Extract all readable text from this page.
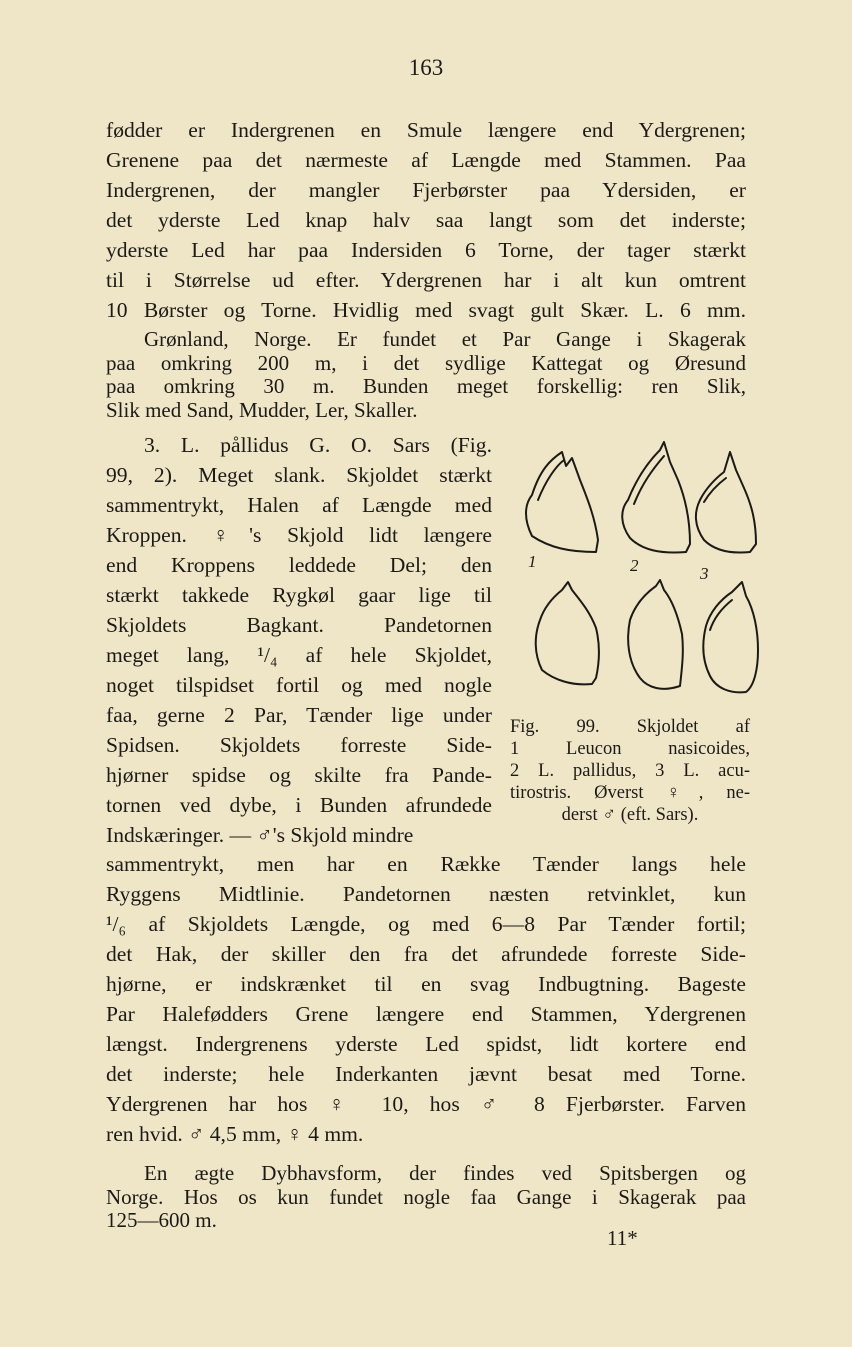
163
fødder er Indergrenen en Smule længere end Ydergrenen;
Grenene paa det nærmeste af Længde med Stammen. Paa
Indergrenen, der mangler Fjerbørster paa Ydersiden, er
det yderste Led knap halv saa langt som det inderste;
yderste Led har paa Indersiden 6 Torne, der tager stærkt
til i Størrelse ud efter. Ydergrenen har i alt kun omtrent
10 Børster og Torne. Hvidlig med svagt gult Skær. L. 6 mm.
Grønland, Norge. Er fundet et Par Gange i Skagerak
paa omkring 200 m, i det sydlige Kattegat og Øresund
paa omkring 30 m. Bunden meget forskellig: ren Slik,
Slik med Sand, Mudder, Ler, Skaller.
3. L. pållidus G. O. Sars (Fig.
99, 2). Meget slank. Skjoldet stærkt
sammentrykt, Halen af Længde med
Kroppen. ♀'s Skjold lidt længere
end Kroppens leddede Del; den
stærkt takkede Rygkøl gaar lige til
Skjoldets Bagkant. Pandetornen
meget lang, ¹/₄ af hele Skjoldet,
noget tilspidset fortil og med nogle
faa, gerne 2 Par, Tænder lige under
Spidsen. Skjoldets forreste Side-
hjørner spidse og skilte fra Pande-
tornen ved dybe, i Bunden afrundede
Indskæringer. — ♂'s Skjold mindre
1	2	3
Fig. 99. Skjoldet af
1 Leucon nasicoides,
2 L. pallidus, 3 L. acu-
tirostris. Øverst ♀, ne-
derst ♂ (eft. Sars).
sammentrykt, men har en Række Tænder langs hele
Ryggens Midtlinie. Pandetornen næsten retvinklet, kun
¹/₆ af Skjoldets Længde, og med 6—8 Par Tænder fortil;
det Hak, der skiller den fra det afrundede forreste Side-
hjørne, er indskrænket til en svag Indbugtning. Bageste
Par Halefødders Grene længere end Stammen, Ydergrenen
længst. Indergrenens yderste Led spidst, lidt kortere end
det inderste; hele Inderkanten jævnt besat med Torne.
Ydergrenen har hos ♀ 10, hos ♂ 8 Fjerbørster. Farven
ren hvid. ♂ 4,5 mm, ♀ 4 mm.
En ægte Dybhavsform, der findes ved Spitsbergen og
Norge. Hos os kun fundet nogle faa Gange i Skagerak paa
125—600 m.
11*
